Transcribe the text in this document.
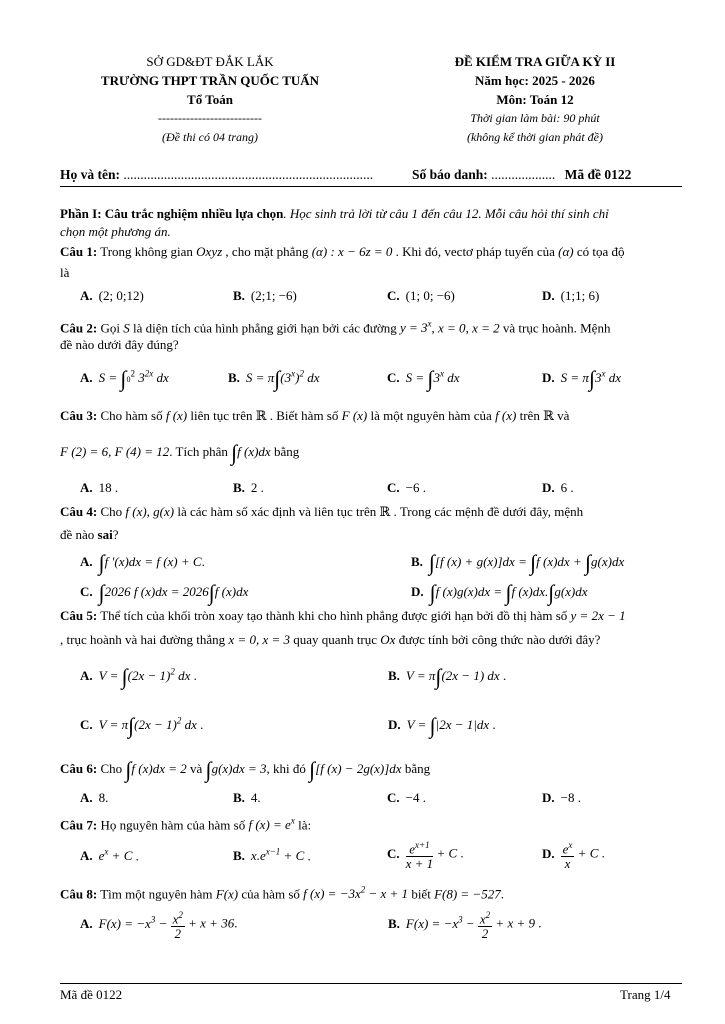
SỞ GD&ĐT ĐẮK LẮK
TRƯỜNG THPT TRẦN QUỐC TUẤN
Tổ Toán
--------------------------
(Đề thi có 04 trang)
ĐỀ KIỂM TRA GIỮA KỲ II
Năm học: 2025 - 2026
Môn: Toán 12
Thời gian làm bài: 90 phút
(không kể thời gian phát đề)
Họ và tên: ..........................................................................	Số báo danh: ................... Mã đề 0122
Phần I: Câu trắc nghiệm nhiều lựa chọn. Học sinh trả lời từ câu 1 đến câu 12. Mỗi câu hỏi thí sinh chỉ
chọn một phương án.
Câu 1: Trong không gian Oxyz , cho mặt phẳng (α) : x − 6z = 0 . Khi đó, vectơ pháp tuyến của (α) có tọa độ
là
A. (2; 0;12)	B. (2;1; −6)	C. (1; 0; −6)	D. (1;1; 6)
Câu 2: Gọi S là diện tích của hình phẳng giới hạn bởi các đường $y = 3^x$, x = 0, x = 2 và trục hoành. Mệnh
đề nào dưới đây đúng?
A. $S = \int 0^2$ $3^{2x}$ dx	B. $S = \pi\int(3^x)^2$ dx	C. $S = \int 3^x$ dx	D. $S = \pi\int 3^x$ dx
Câu 3: Cho hàm số f (x) liên tục trên ℝ . Biết hàm số F (x) là một nguyên hàm của f (x) trên ℝ và
F (2) = 6, F (4) = 12. Tích phân ∫f (x)dx bằng
A. 18 .	B. 2 .	C. −6 .	D. 6 .
Câu 4: Cho f (x), g(x) là các hàm số xác định và liên tục trên ℝ . Trong các mệnh đề dưới đây, mệnh
đề nào sai?
A. ∫f ′(x)dx = f (x) + C.	B. ∫[f (x) + g(x)]dx = ∫f (x)dx + ∫g(x)dx
C. ∫2026 f (x)dx = 2026∫f (x)dx	D. ∫f (x)g(x)dx = ∫f (x)dx.∫g(x)dx
Câu 5: Thể tích của khối tròn xoay tạo thành khi cho hình phẳng được giới hạn bởi đồ thị hàm số y = 2x − 1
, trục hoành và hai đường thẳng x = 0, x = 3 quay quanh trục Ox được tính bởi công thức nào dưới đây?
A. $V = \int(2x - 1)^2$ dx .	B. V = π∫(2x − 1) dx .
C. $V = \pi\int(2x - 1)^2$ dx .	D. V = ∫|2x − 1|dx .
Câu 6: Cho ∫f (x)dx = 2 và ∫g(x)dx = 3, khi đó ∫[f (x) − 2g(x)]dx bằng
A. 8.	B. 4.	C. −4 .	D. −8 .
Câu 7: Họ nguyên hàm của hàm số f $(x) = e^x$ là:
A. $e^x + C$ .	B. $x.e^{x-1} + C$ .	C. $\frac{e^{x+1}}{x + 1} + C$ .	D. $\frac{e^x}{x} + C$ .
Câu 8: Tìm một nguyên hàm F(x) của hàm số f $(x) = -3x^2 - x + 1$ biết F(8) = −527.
A. $F(x) = -x^3 - \frac{x^2}{2} + x + 36$.	B. $F(x) = -x^3 - \frac{x^2}{2} + x + 9$ .
Mã đề 0122	Trang 1/4
